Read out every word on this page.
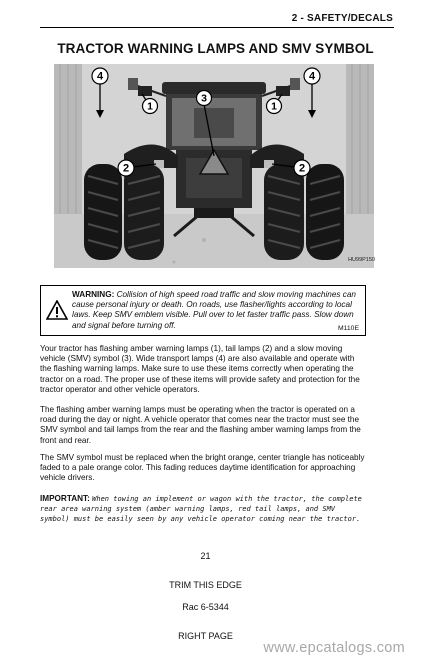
2 - SAFETY/DECALS
TRACTOR WARNING LAMPS AND SMV SYMBOL
4	4
1	1
3
2	2
HU99P150
WARNING: Collision of high speed road traffic and slow moving machines can cause personal injury or death. On roads, use flasher/lights according to local laws. Keep SMV emblem visible. Pull over to let faster traffic pass. Slow down and signal before turning off.	M110E

Your tractor has flashing amber warning lamps (1), tail lamps (2) and a slow moving vehicle (SMV) symbol (3). Wide transport lamps (4) are also available and operate with the flashing warning lamps. Make sure to use these items correctly when operating the tractor on a road. The proper use of these items will provide safety and protection for the tractor operator and other vehicle operators.

The flashing amber warning lamps must be operating when the tractor is operated on a road during the day or night. A vehicle operator that comes near the tractor must see the SMV symbol and tail lamps from the rear and the flashing amber warning lamps from the front and rear.

The SMV symbol must be replaced when the bright orange, center triangle has noticeably faded to a pale orange color. This fading reduces daytime identification for approaching vehicle drivers.

IMPORTANT: When towing an implement or wagon with the tractor, the complete rear area warning system (amber warning lamps, red tail lamps, and SMV symbol) must be easily seen by any vehicle operator coming near the tractor.

21
TRIM THIS EDGE
Rac 6-5344
RIGHT PAGE
www.epcatalogs.com
